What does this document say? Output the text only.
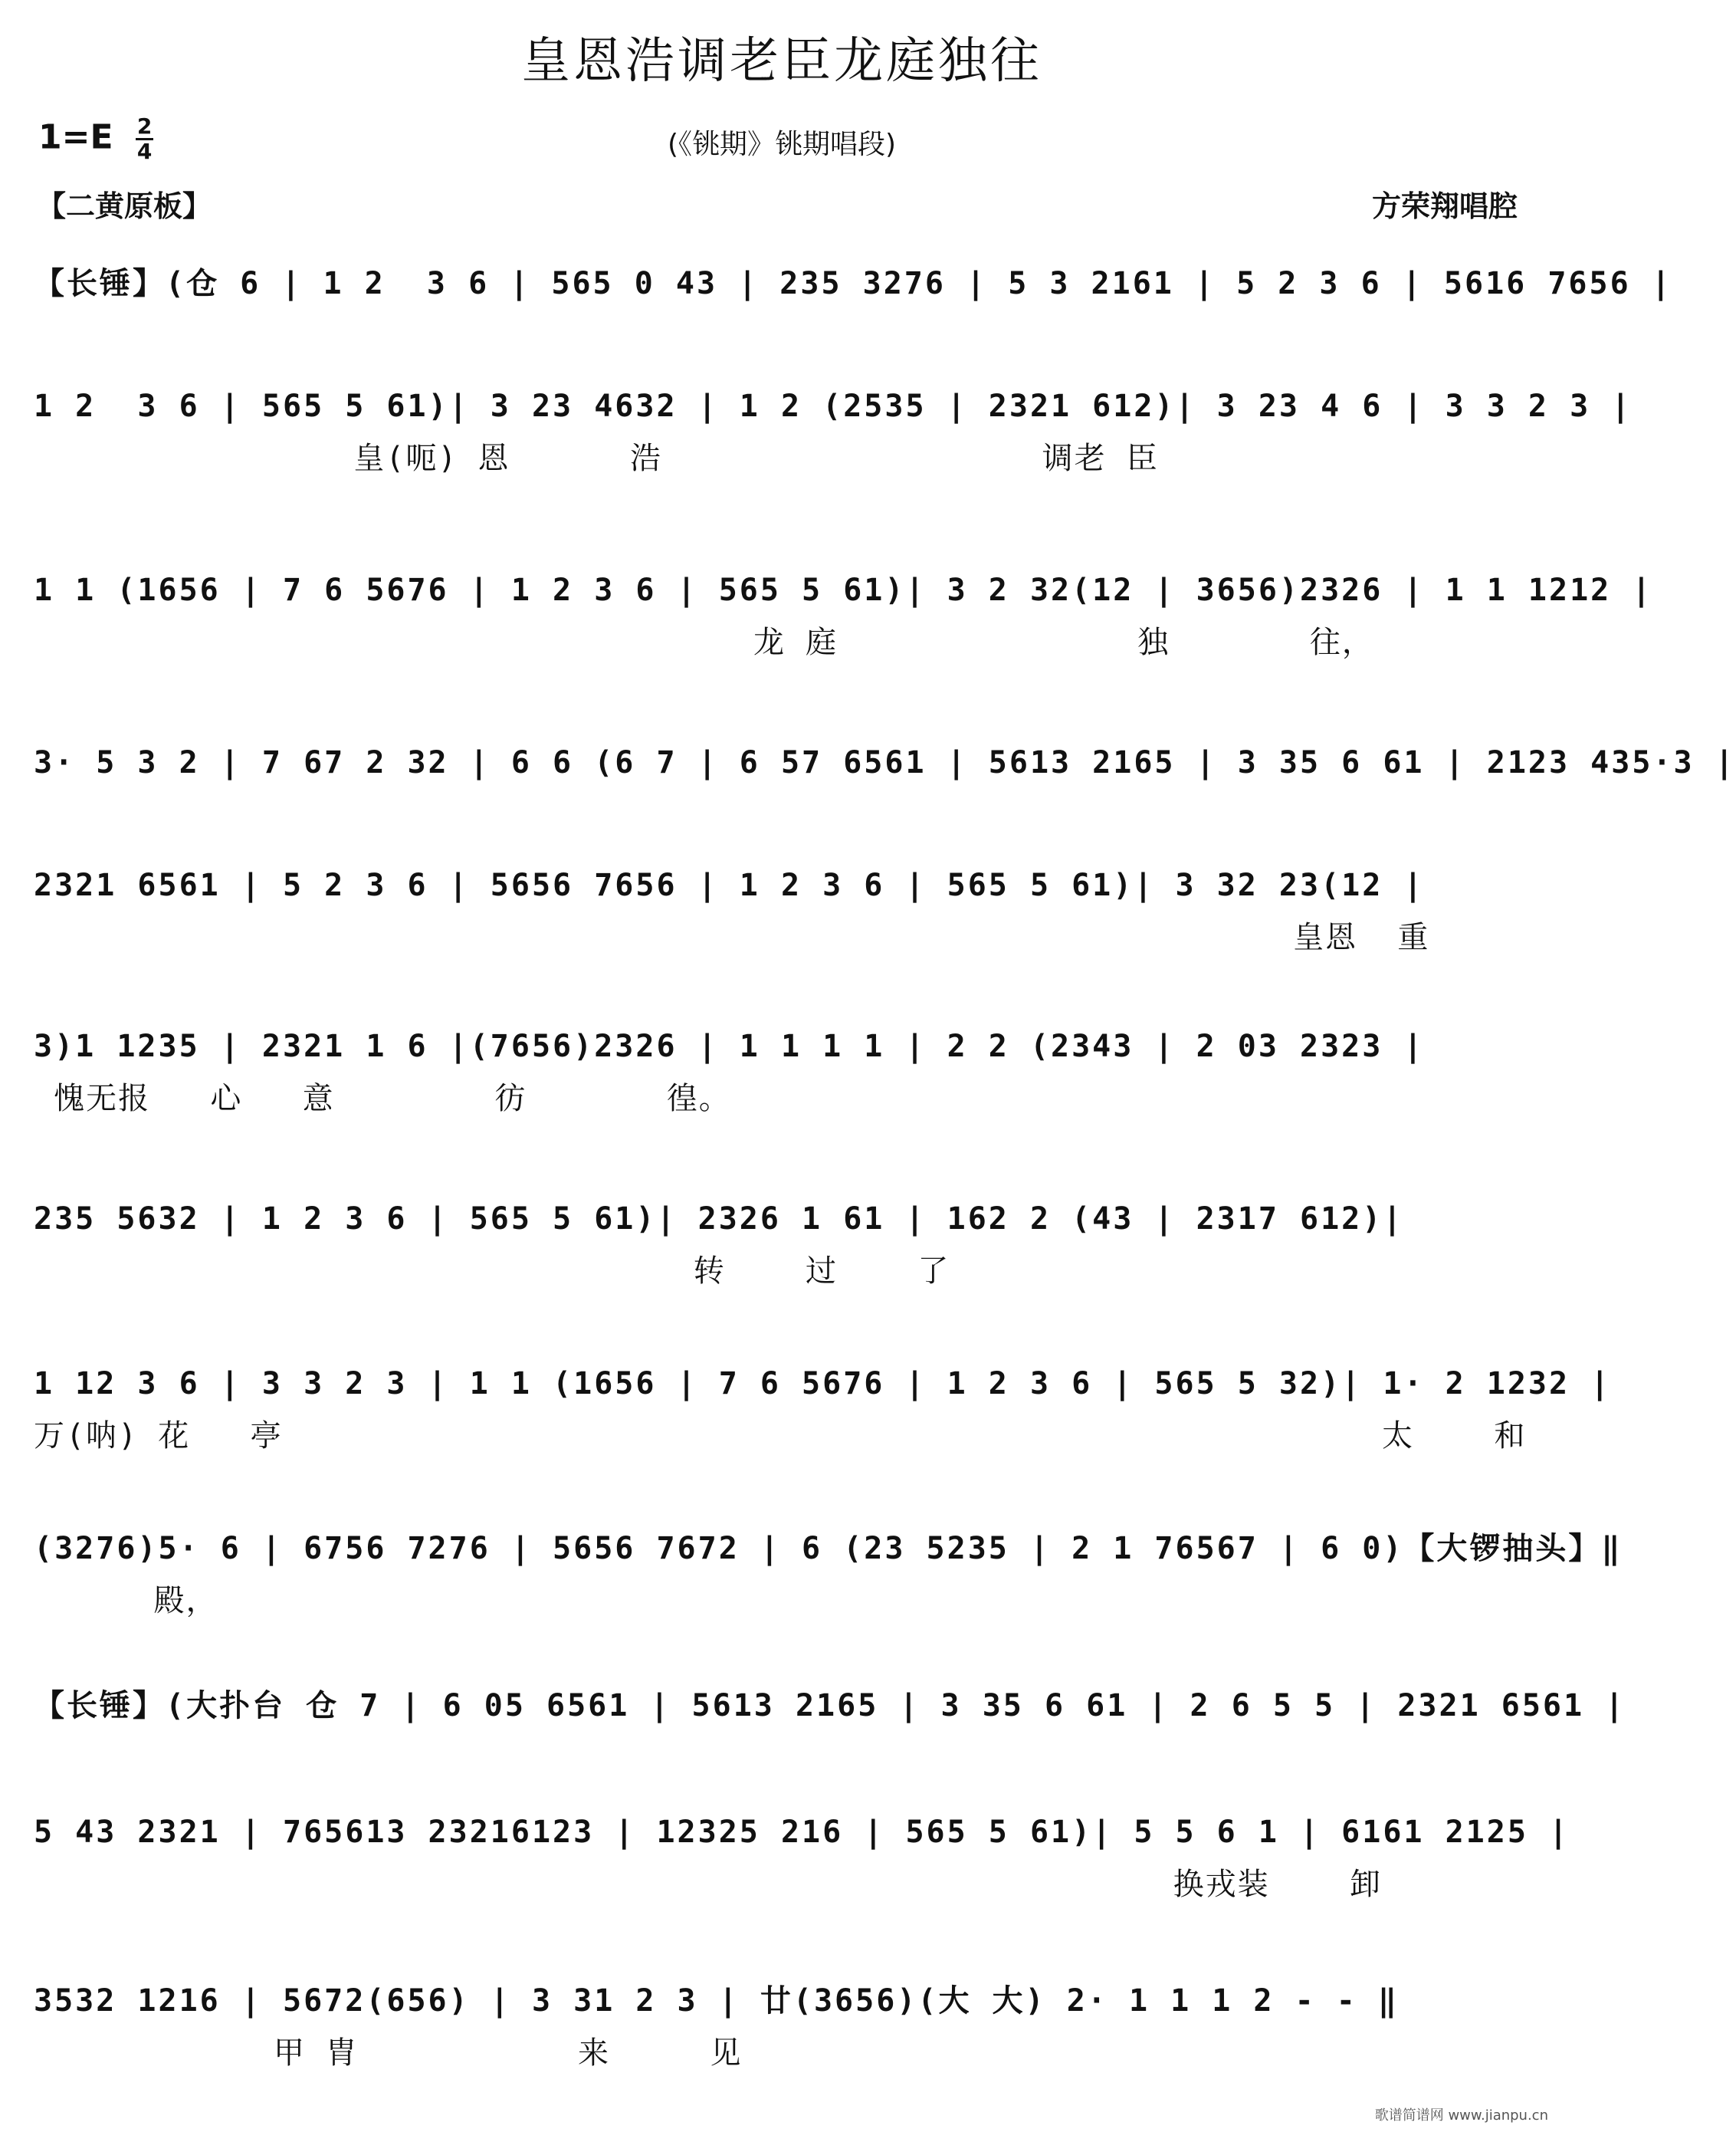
皇恩浩调老臣龙庭独往
(《铫期》铫期唱段)
$1=E \frac{2}{4}$
【二黄原板】	方荣翔唱腔
【长锤】(仓 6 | 1 2  3 6 | 565 0 43 | 235 3276 | 5 3 2161 | 5 2 3 6 | 5616 7656 |
1 2  3 6 | 565 5 61)| 3 23 4632 | 1 2 (2535 | 2321 612)| 3 23 4 6 | 3 3 2 3 |
皇(呃) 恩      浩                   调老 臣
1 1 (1656 | 7 6 5676 | 1 2 3 6 | 565 5 61)| 3 2 32(12 | 3656)2326 | 1 1 1212 |
龙 庭               独       往，
3· 5 3 2 | 7 67 2 32 | 6 6 (6 7 | 6 57 6561 | 5613 2165 | 3 35 6 61 | 2123 435·3 |
2321 6561 | 5 2 3 6 | 5656 7656 | 1 2 3 6 | 565 5 61)| 3 32 23(12 |
皇恩  重
3)1 1235 | 2321 1 6 |(7656)2326 | 1 1 1 1 | 2 2 (2343 | 2 03 2323 |
愧无报   心   意        彷       徨。
235 5632 | 1 2 3 6 | 565 5 61)| 2326 1 61 | 162 2 (43 | 2317 612)|
转    过    了
1 12 3 6 | 3 3 2 3 | 1 1 (1656 | 7 6 5676 | 1 2 3 6 | 565 5 32)| 1· 2 1232 |
万(呐) 花   亭                                                       太    和
(3276)5· 6 | 6756 7276 | 5656 7672 | 6 (23 5235 | 2 1 76567 | 6 0)【大锣抽头】‖
殿，
【长锤】(大扑台 仓 7 | 6 05 6561 | 5613 2165 | 3 35 6 61 | 2 6 5 5 | 2321 6561 |
5 43 2321 | 765613 23216123 | 12325 216 | 565 5 61)| 5 5 6 1 | 6161 2125 |
换戎装    卸
3532 1216 | 5672(656) | 3 31 2 3 | 廿(3656)(大 大) 2· 1 1 1 2 - - ‖
甲 胄           来     见
歌谱简谱网 www.jianpu.cn
